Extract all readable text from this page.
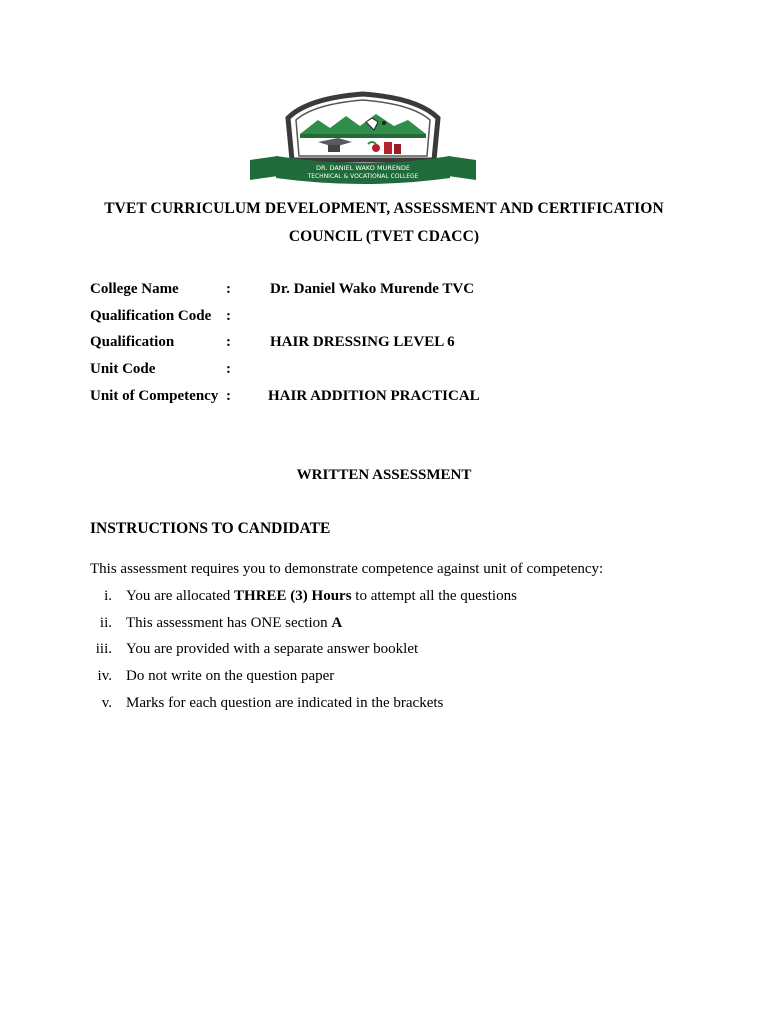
DR. DANIEL WAKO MURENDE
TECHNICAL & VOCATIONAL COLLEGE
TVET CURRICULUM DEVELOPMENT, ASSESSMENT AND CERTIFICATION
COUNCIL (TVET CDACC)
College Name	:	Dr. Daniel Wako Murende TVC
Qualification Code :
Qualification	:	HAIR DRESSING LEVEL 6
Unit Code	:
Unit of Competency : HAIR ADDITION PRACTICAL
WRITTEN ASSESSMENT
INSTRUCTIONS TO CANDIDATE
This assessment requires you to demonstrate competence against unit of competency:
i. You are allocated THREE (3) Hours to attempt all the questions
ii. This assessment has ONE section A
iii. You are provided with a separate answer booklet
iv. Do not write on the question paper
v. Marks for each question are indicated in the brackets
